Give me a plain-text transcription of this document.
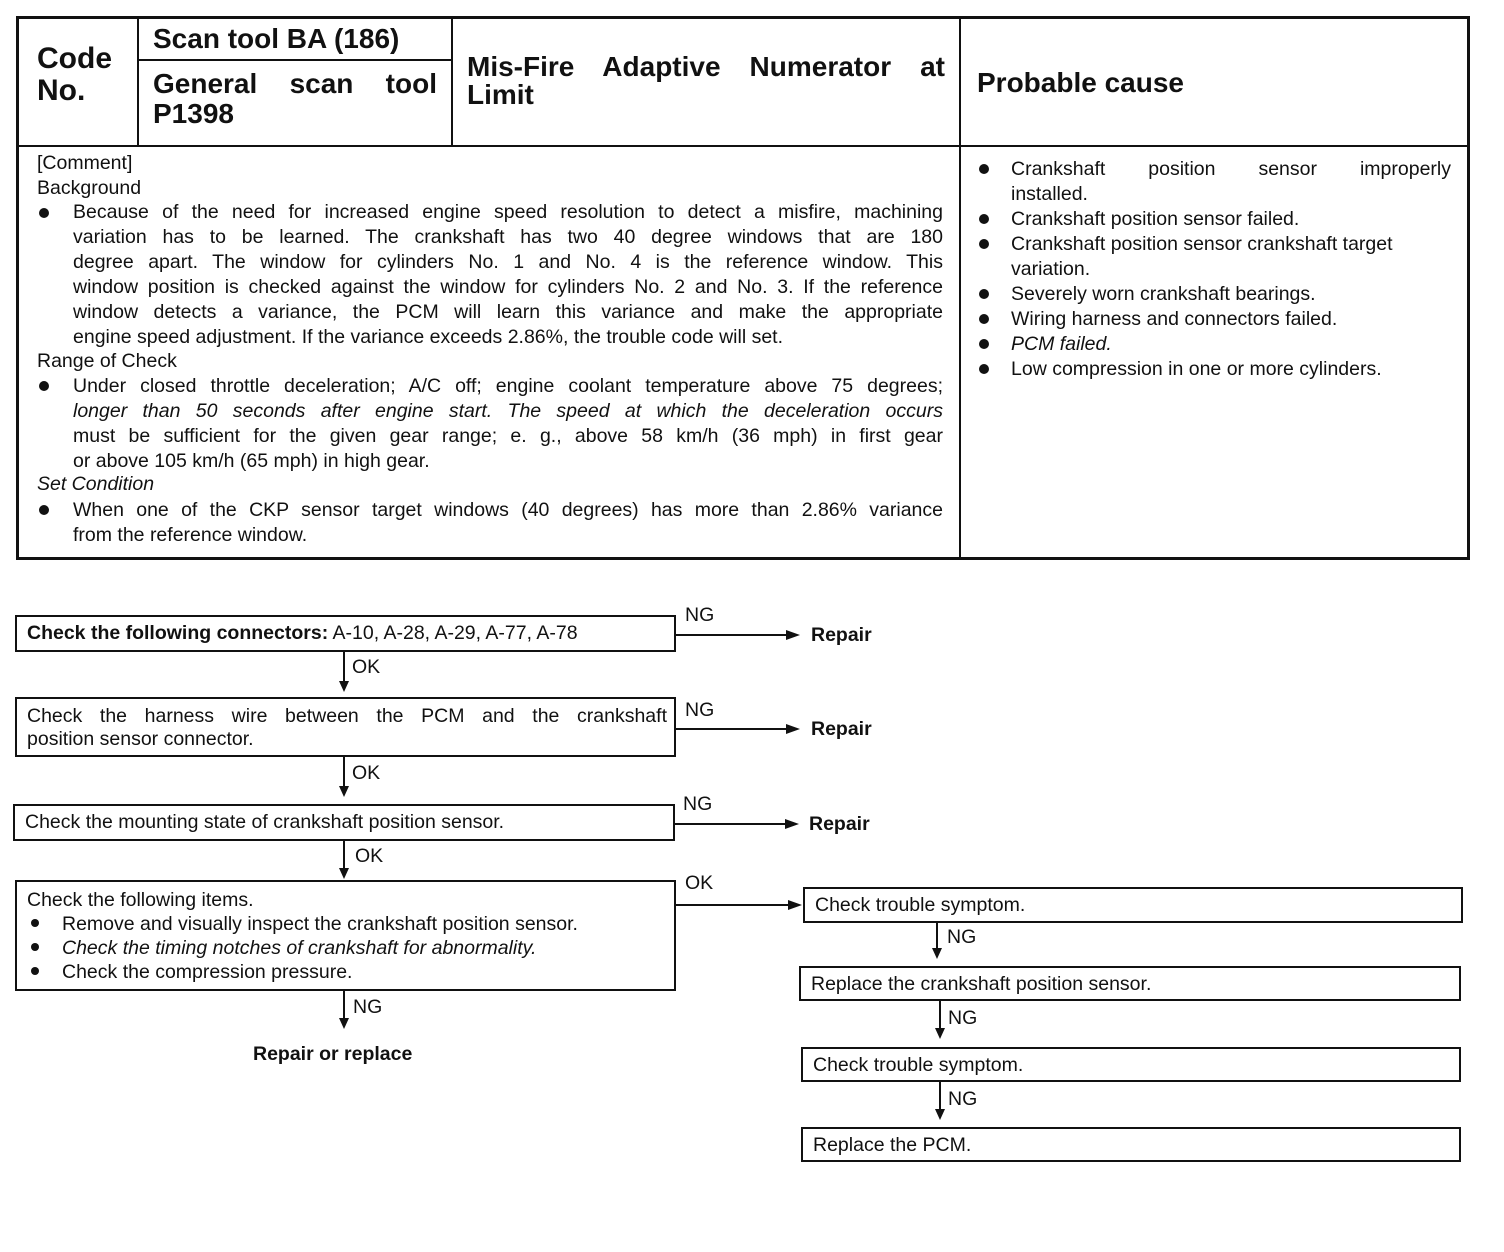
Code
No.
Scan tool BA (186)
General scan tool
P1398
Mis-Fire Adaptive Numerator at
Limit	Probable cause
[Comment]
Background
Because of the need for increased engine speed resolution to detect a misfire, machining
variation has to be learned. The crankshaft has two 40 degree windows that are 180
degree apart. The window for cylinders No. 1 and No. 4 is the reference window. This
window position is checked against the window for cylinders No. 2 and No. 3. If the reference
window detects a variance, the PCM will learn this variance and make the appropriate
engine speed adjustment. If the variance exceeds 2.86%, the trouble code will set.
Range of Check
Under closed throttle deceleration; A/C off; engine coolant temperature above 75 degrees;
longer than 50 seconds after engine start. The speed at which the deceleration occurs
must be sufficient for the given gear range; e. g., above 58 km/h (36 mph) in first gear
or above 105 km/h (65 mph) in high gear.
Set Condition
When one of the CKP sensor target windows (40 degrees) has more than 2.86% variance
from the reference window.
Crankshaft position sensor improperly
installed.
Crankshaft position sensor failed.
Crankshaft position sensor crankshaft target
variation.
Severely worn crankshaft bearings.
Wiring harness and connectors failed.
PCM failed.
Low compression in one or more cylinders.
Check the following connectors: A-10, A-28, A-29, A-77, A-78
NG
Repair
OK
Check the harness wire between the PCM and the crankshaft
position sensor connector.
NG
Repair
OK
Check the mounting state of crankshaft position sensor.
NG
Repair
OK
Check the following items.
Remove and visually inspect the crankshaft position sensor.
Check the timing notches of crankshaft for abnormality.
Check the compression pressure.
OK
NG
Repair or replace
Check trouble symptom.
NG
Replace the crankshaft position sensor.
NG
Check trouble symptom.
NG
Replace the PCM.
